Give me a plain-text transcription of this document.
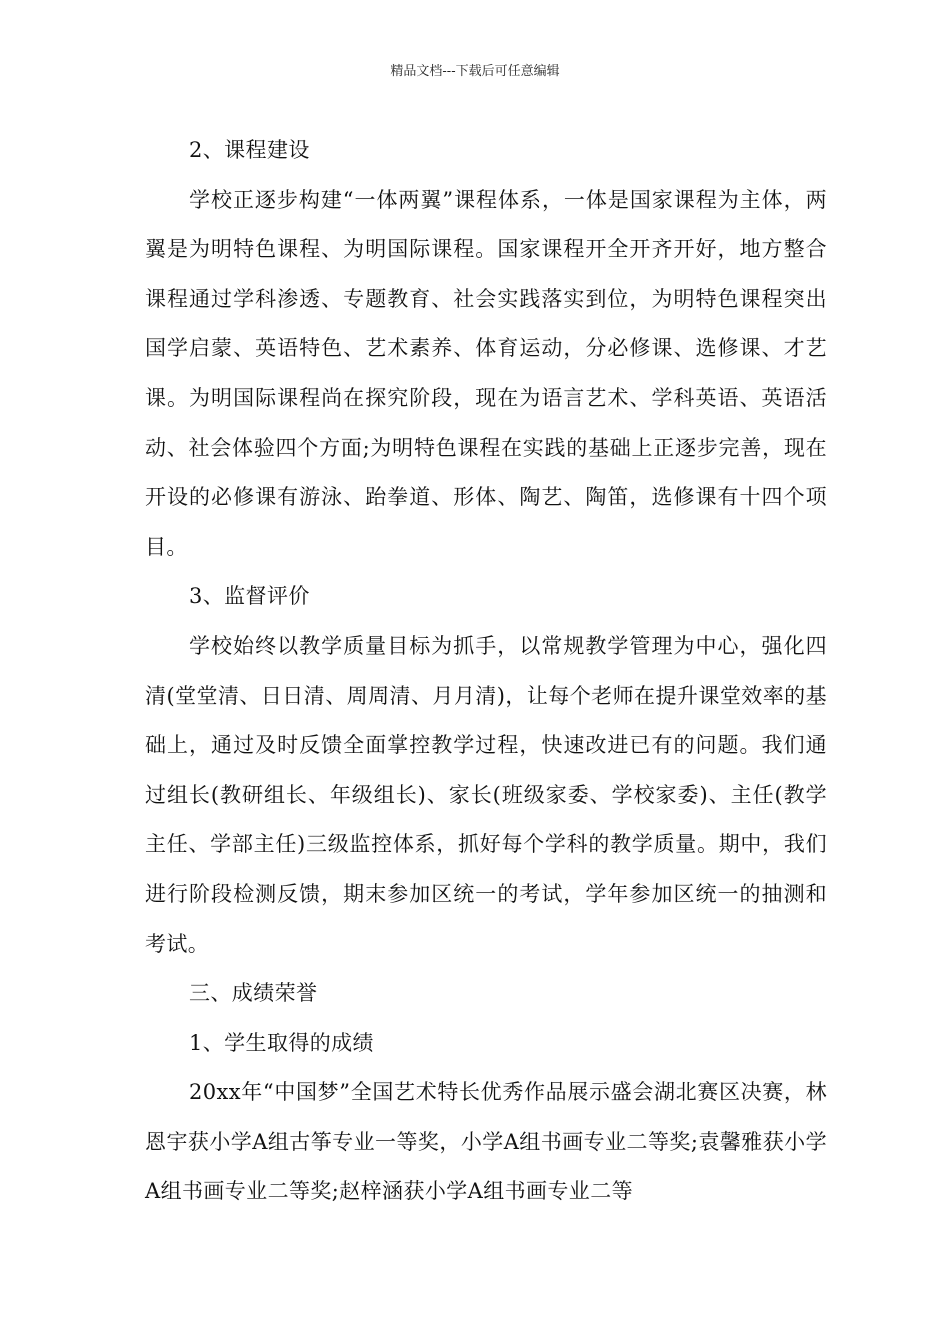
精品文档---下载后可任意编辑

2、课程建设

学校正逐步构建“一体两翼”课程体系，一体是国家课程为主体，两翼是为明特色课程、为明国际课程。国家课程开全开齐开好，地方整合课程通过学科渗透、专题教育、社会实践落实到位，为明特色课程突出国学启蒙、英语特色、艺术素养、体育运动，分必修课、选修课、才艺课。为明国际课程尚在探究阶段，现在为语言艺术、学科英语、英语活动、社会体验四个方面;为明特色课程在实践的基础上正逐步完善，现在开设的必修课有游泳、跆拳道、形体、陶艺、陶笛，选修课有十四个项目。

3、监督评价

学校始终以教学质量目标为抓手，以常规教学管理为中心，强化四清(堂堂清、日日清、周周清、月月清)，让每个老师在提升课堂效率的基础上，通过及时反馈全面掌控教学过程，快速改进已有的问题。我们通过组长(教研组长、年级组长)、家长(班级家委、学校家委)、主任(教学主任、学部主任)三级监控体系，抓好每个学科的教学质量。期中，我们进行阶段检测反馈，期末参加区统一的考试，学年参加区统一的抽测和考试。

三、成绩荣誉

1、学生取得的成绩

20xx年“中国梦”全国艺术特长优秀作品展示盛会湖北赛区决赛，林恩宇获小学A组古筝专业一等奖，小学A组书画专业二等奖;袁馨雅获小学A组书画专业二等奖;赵梓涵获小学A组书画专业二等
